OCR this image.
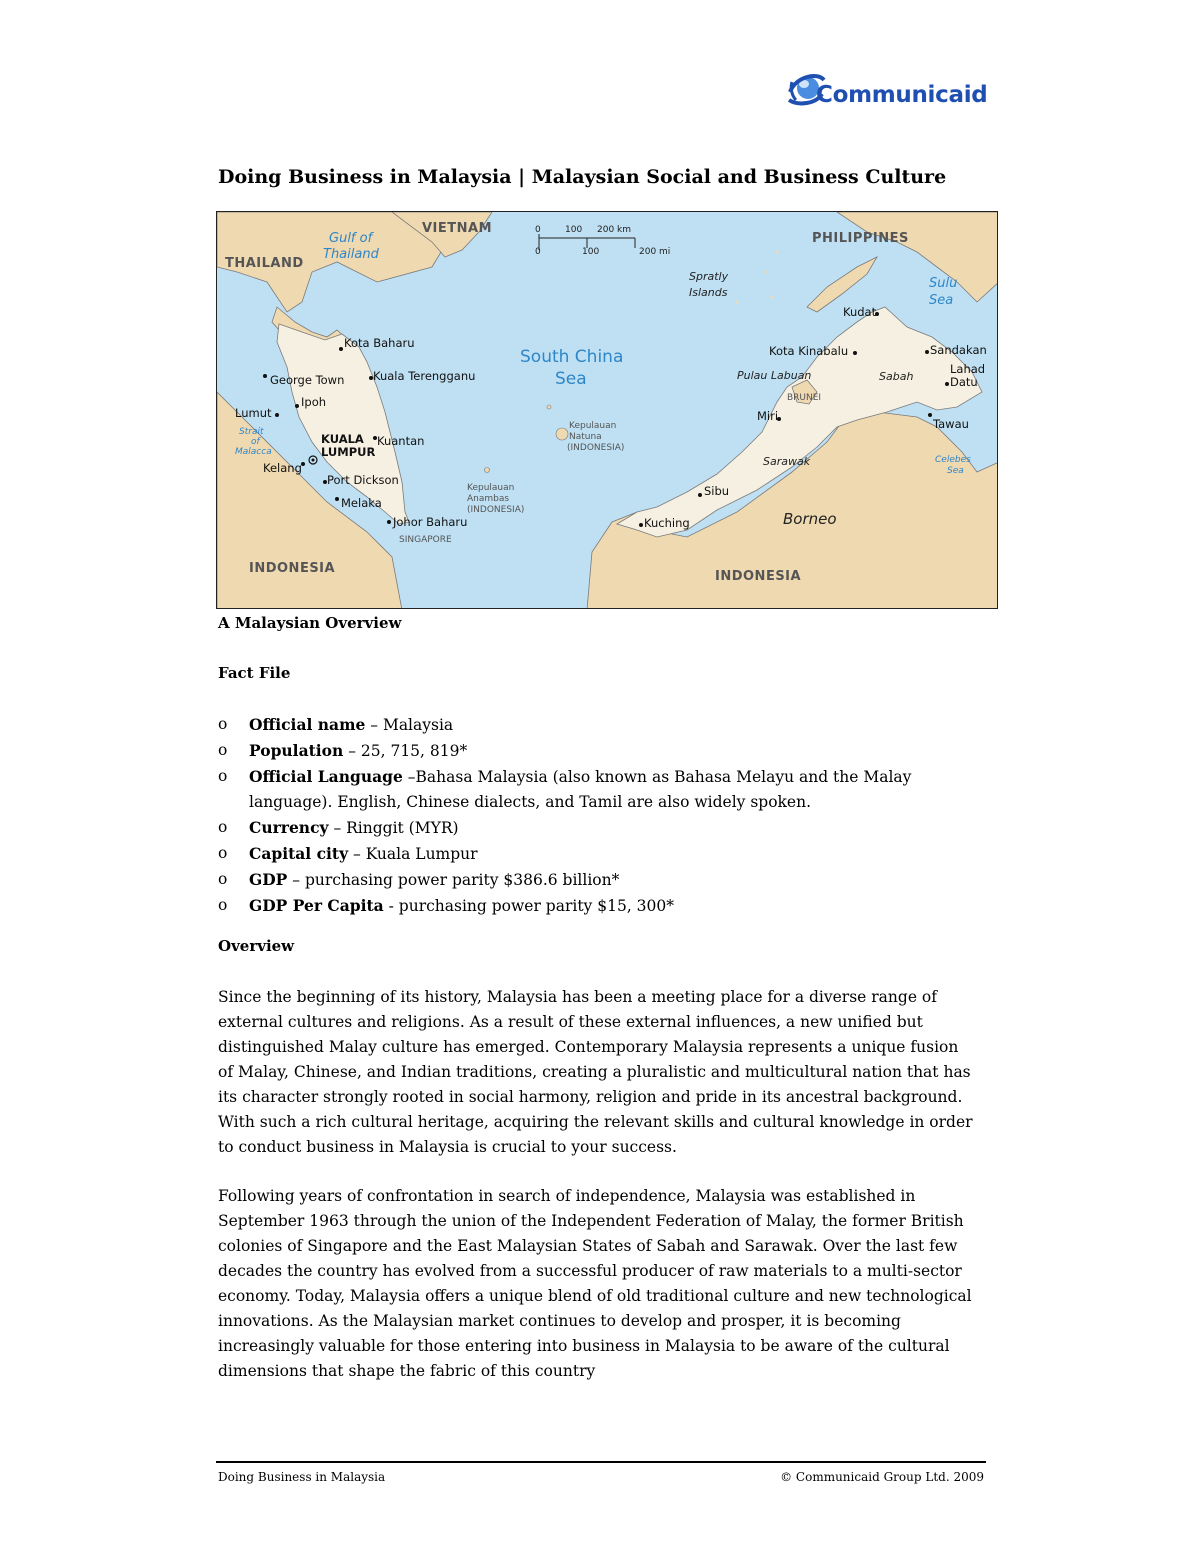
Communicaid
Doing Business in Malaysia | Malaysian Social and Business Culture
VIETNAM
THAILAND
PHILIPPINES
INDONESIA
INDONESIA
BRUNEI
SINGAPORE
Gulf of
Thailand
South China
Sea
Sulu
Sea
Celebes
Sea
Strait
of
Malacca
0	100 200 km
0	100	200 mi
Spratly
Islands
Kepulauan
Natuna
(INDONESIA)
Kepulauan
Anambas
(INDONESIA)
Sabah
Sarawak
Borneo
Pulau Labuan
Kota Baharu
George Town Kuala Terengganu
Ipoh
Lumut
Kuantan
KUALA
LUMPUR
Kelang
Port Dickson
Melaka
Johor Baharu
Kudat
Kota Kinabalu	Sandakan
Lahad
Datu
Tawau
Miri
Sibu
Kuching
A Malaysian Overview
Fact File
o Official name – Malaysia
o Population – 25, 715, 819*
o Official Language –Bahasa Malaysia (also known as Bahasa Melayu and the Malay language). English, Chinese dialects, and Tamil are also widely spoken.
o Currency – Ringgit (MYR)
o Capital city – Kuala Lumpur
o GDP – purchasing power parity $386.6 billion*
o GDP Per Capita - purchasing power parity $15, 300*
Overview

Since the beginning of its history, Malaysia has been a meeting place for a diverse range of external cultures and religions. As a result of these external influences, a new unified but distinguished Malay culture has emerged. Contemporary Malaysia represents a unique fusion of Malay, Chinese, and Indian traditions, creating a pluralistic and multicultural nation that has its character strongly rooted in social harmony, religion and pride in its ancestral background. With such a rich cultural heritage, acquiring the relevant skills and cultural knowledge in order to conduct business in Malaysia is crucial to your success.

Following years of confrontation in search of independence, Malaysia was established in September 1963 through the union of the Independent Federation of Malay, the former British colonies of Singapore and the East Malaysian States of Sabah and Sarawak. Over the last few decades the country has evolved from a successful producer of raw materials to a multi-sector economy. Today, Malaysia offers a unique blend of old traditional culture and new technological innovations. As the Malaysian market continues to develop and prosper, it is becoming increasingly valuable for those entering into business in Malaysia to be aware of the cultural dimensions that shape the fabric of this country

Doing Business in Malaysia	© Communicaid Group Ltd. 2009
